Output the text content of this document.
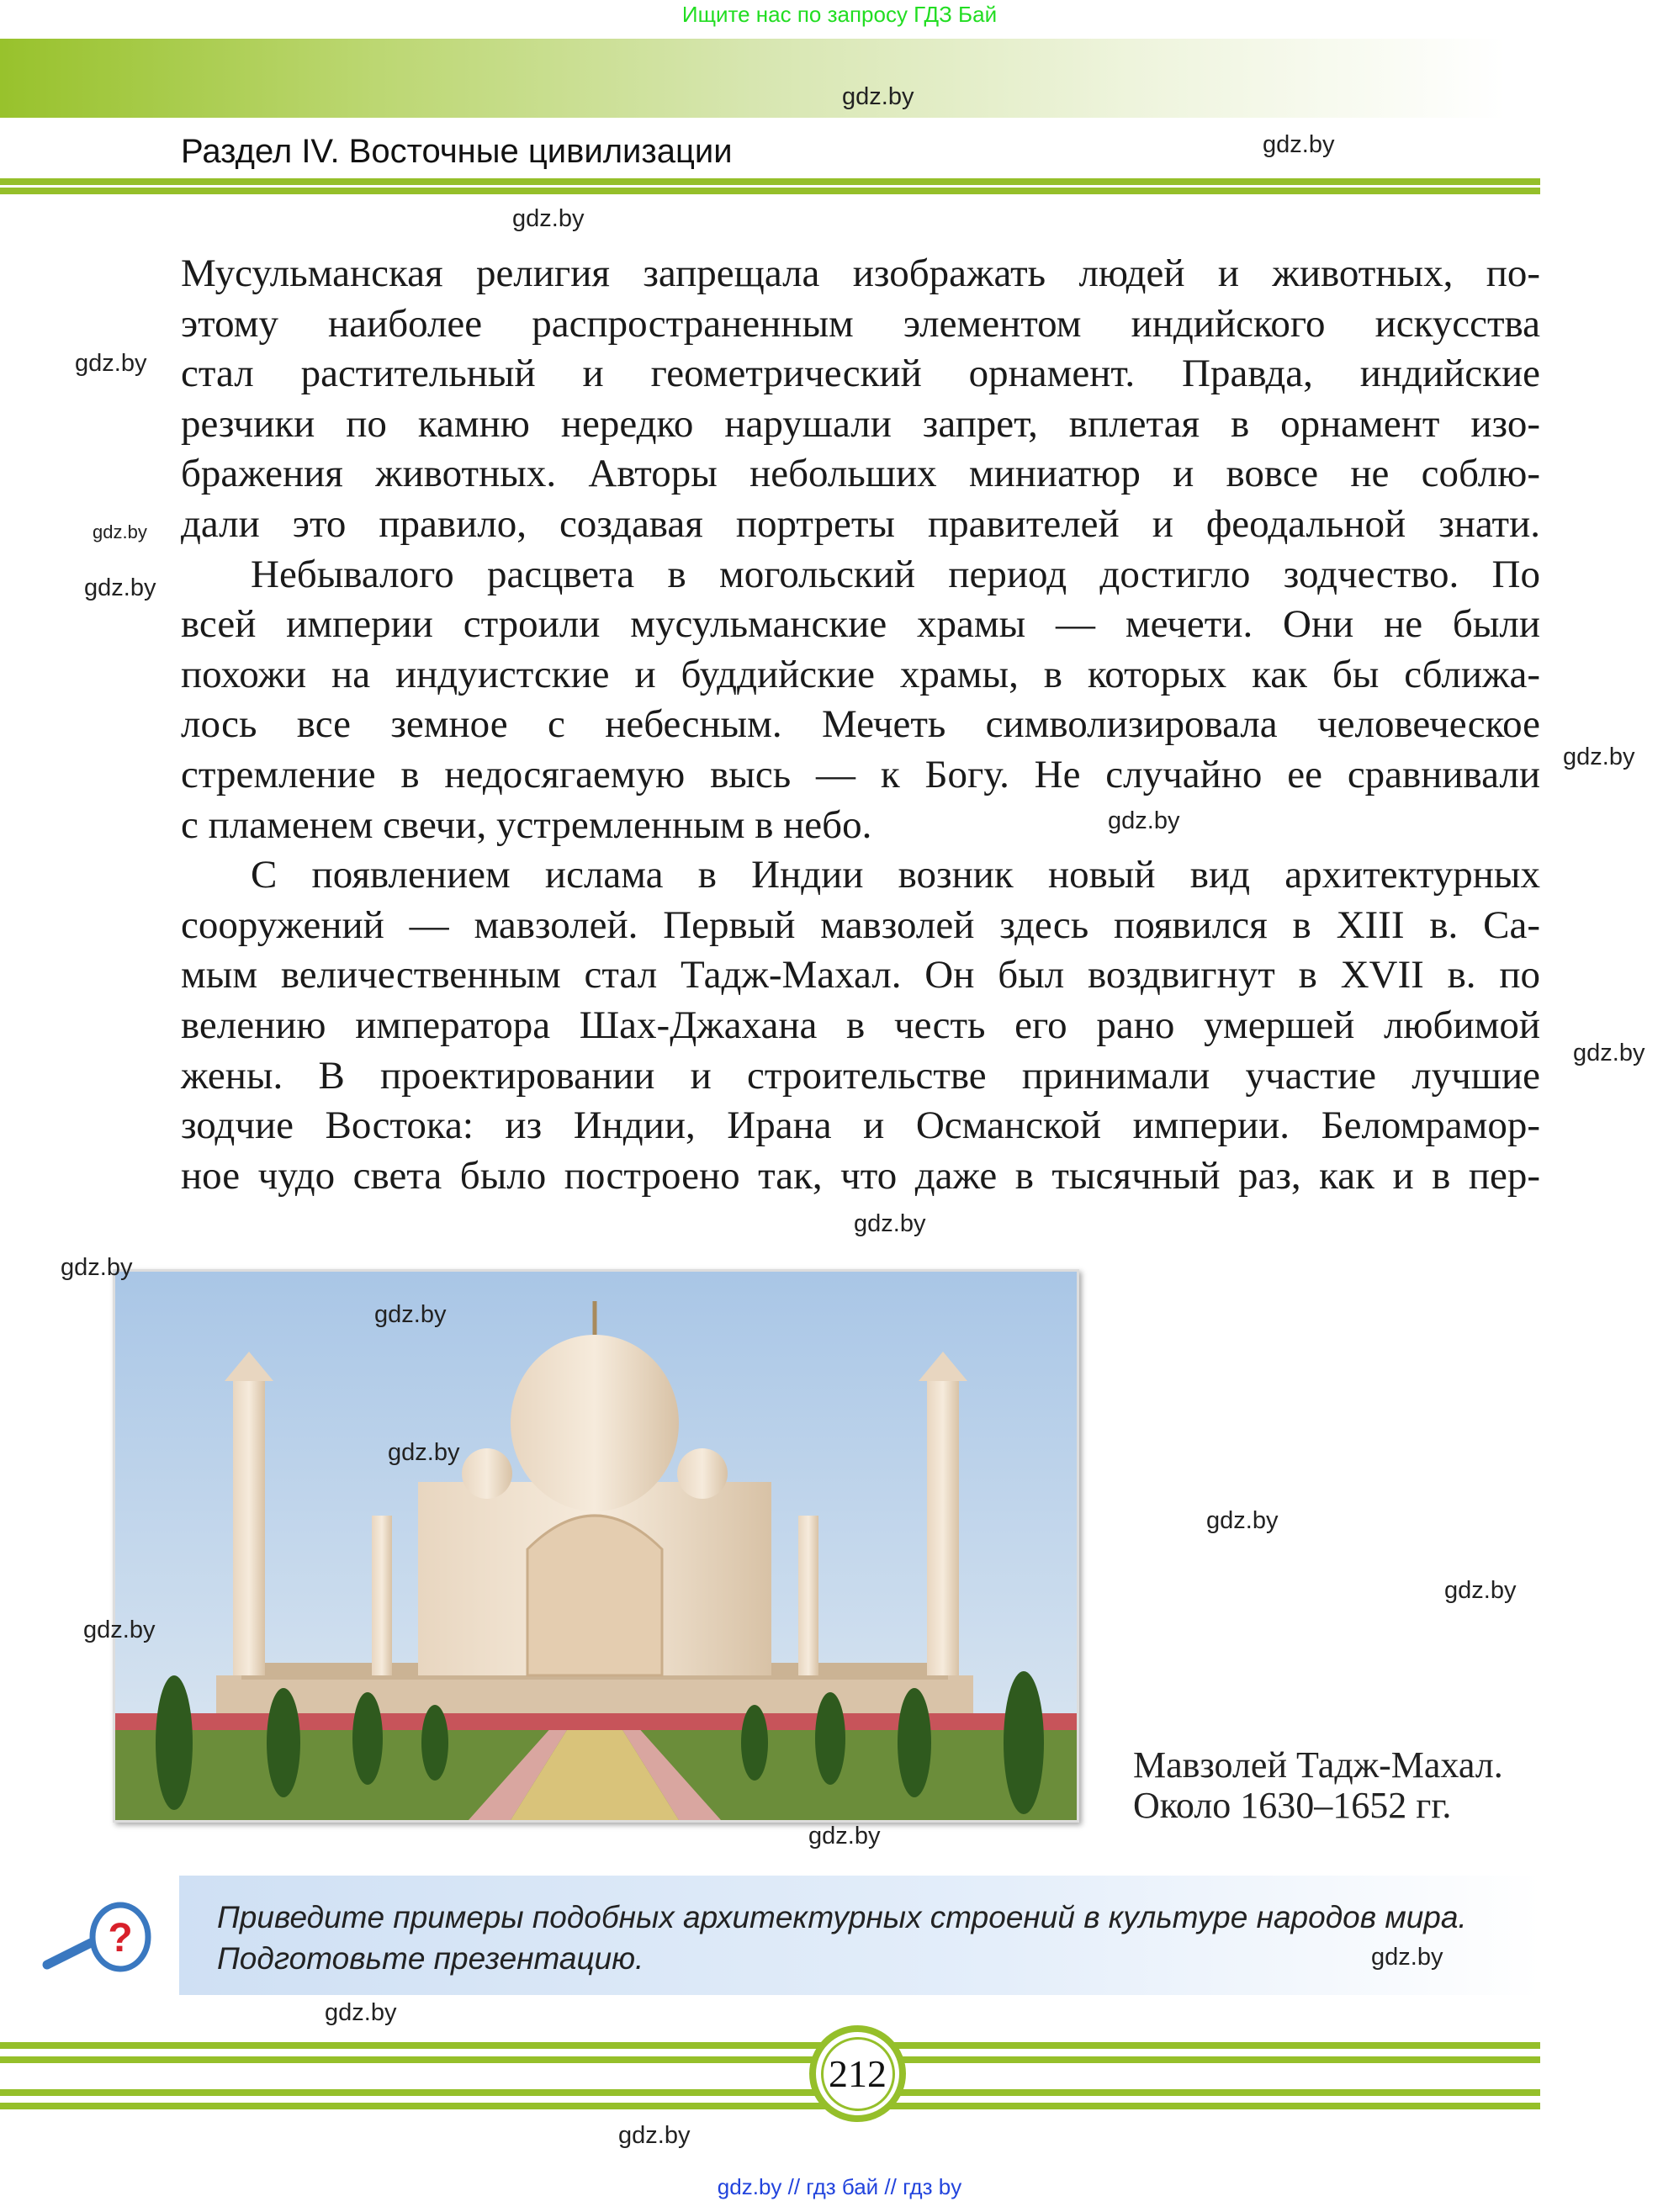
Ищите нас по запросу ГДЗ Бай
Раздел IV. Восточные цивилизации
Мусульманская религия запрещала изображать людей и животных, по-
этому наиболее распространенным элементом индийского искусства
стал растительный и геометрический орнамент. Правда, индийские
резчики по камню нередко нарушали запрет, вплетая в орнамент изо-
бражения животных. Авторы небольших миниатюр и вовсе не соблю-
дали это правило, создавая портреты правителей и феодальной знати.
Небывалого расцвета в могольский период достигло зодчество. По
всей империи строили мусульманские храмы — мечети. Они не были
похожи на индуистские и буддийские храмы, в которых как бы сближа-
лось все земное с небесным. Мечеть символизировала человеческое
стремление в недосягаемую высь — к Богу. Не случайно ее сравнивали
с пламенем свечи, устремленным в небо.
С появлением ислама в Индии возник новый вид архитектурных
сооружений — мавзолей. Первый мавзолей здесь появился в XIII в. Са-
мым величественным стал Тадж-Махал. Он был воздвигнут в XVII в. по
велению императора Шах-Джахана в честь его рано умершей любимой
жены. В проектировании и строительстве принимали участие лучшие
зодчие Востока: из Индии, Ирана и Османской империи. Беломрамор-
ное чудо света было построено так, что даже в тысячный раз, как и в пер-
Мавзолей Тадж-Махал.
Около 1630–1652 гг.
?	Приведите примеры подобных архитектурных строений в культуре народов мира.
Подготовьте презентацию.
212
gdz.by // гдз бай // гдз by
gdz.by
gdz.by
gdz.by
gdz.by
gdz.by
gdz.by
gdz.by
gdz.by
gdz.by
gdz.by
gdz.by
gdz.by
gdz.by
gdz.by
gdz.by
gdz.by
gdz.by
gdz.by
gdz.by
gdz.by
